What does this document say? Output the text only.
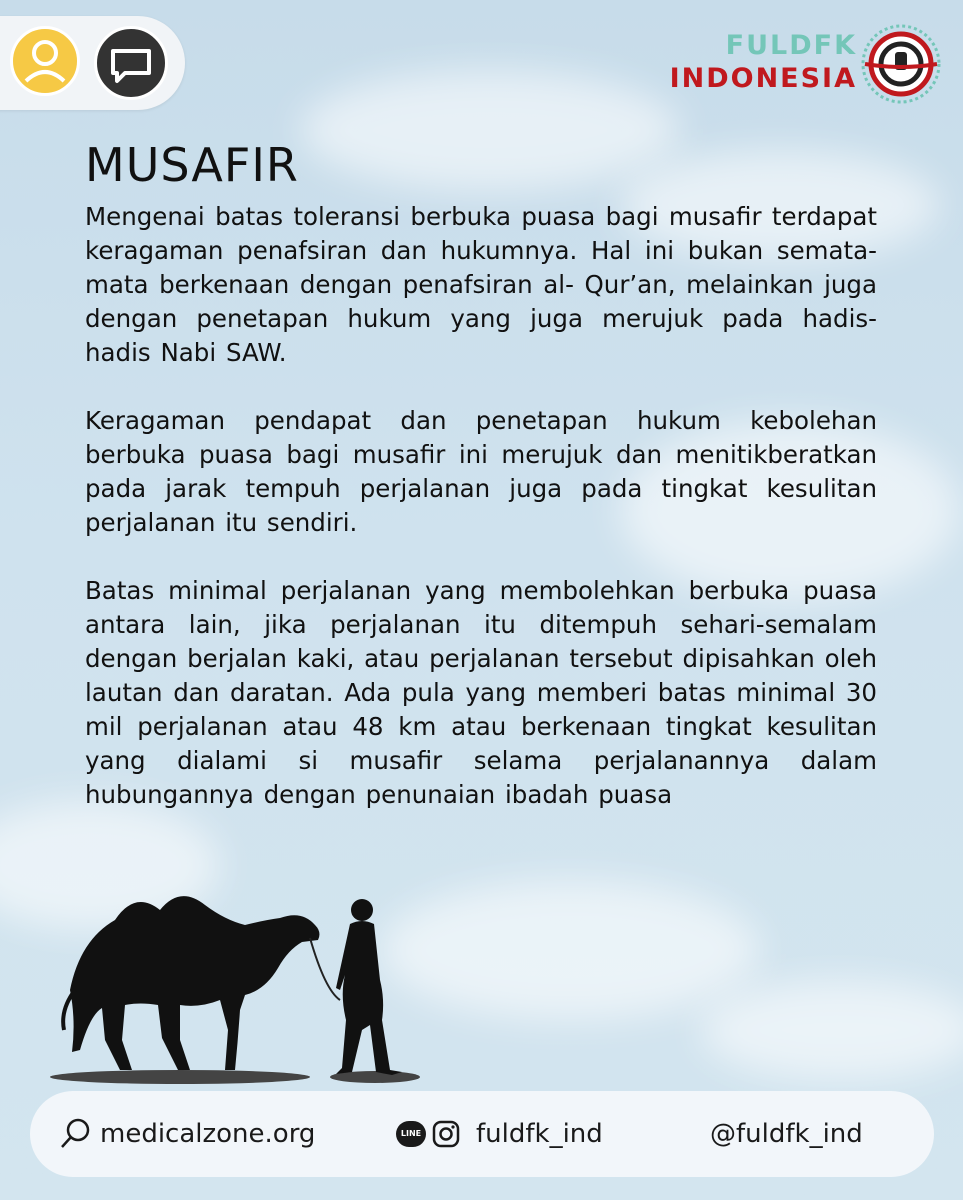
FULDFK
INDONESIA
MUSAFIR

Mengenai batas toleransi berbuka puasa bagi musafir terdapat keragaman penafsiran dan hukumnya. Hal ini bukan semata-mata berkenaan dengan penafsiran al- Qur’an, melainkan juga dengan penetapan hukum yang juga merujuk pada hadis-hadis Nabi SAW.

Keragaman pendapat dan penetapan hukum kebolehan berbuka puasa bagi musafir ini merujuk dan menitikberatkan pada jarak tempuh perjalanan juga pada tingkat kesulitan perjalanan itu sendiri.

Batas minimal perjalanan yang membolehkan berbuka puasa antara lain, jika perjalanan itu ditempuh sehari-semalam dengan berjalan kaki, atau perjalanan tersebut dipisahkan oleh lautan dan daratan. Ada pula yang memberi batas minimal 30 mil perjalanan atau 48 km atau berkenaan tingkat kesulitan yang dialami si musafir selama perjalanannya dalam hubungannya dengan penunaian ibadah puasa

medicalzone.org	LINE fuldfk_ind	@fuldfk_ind
